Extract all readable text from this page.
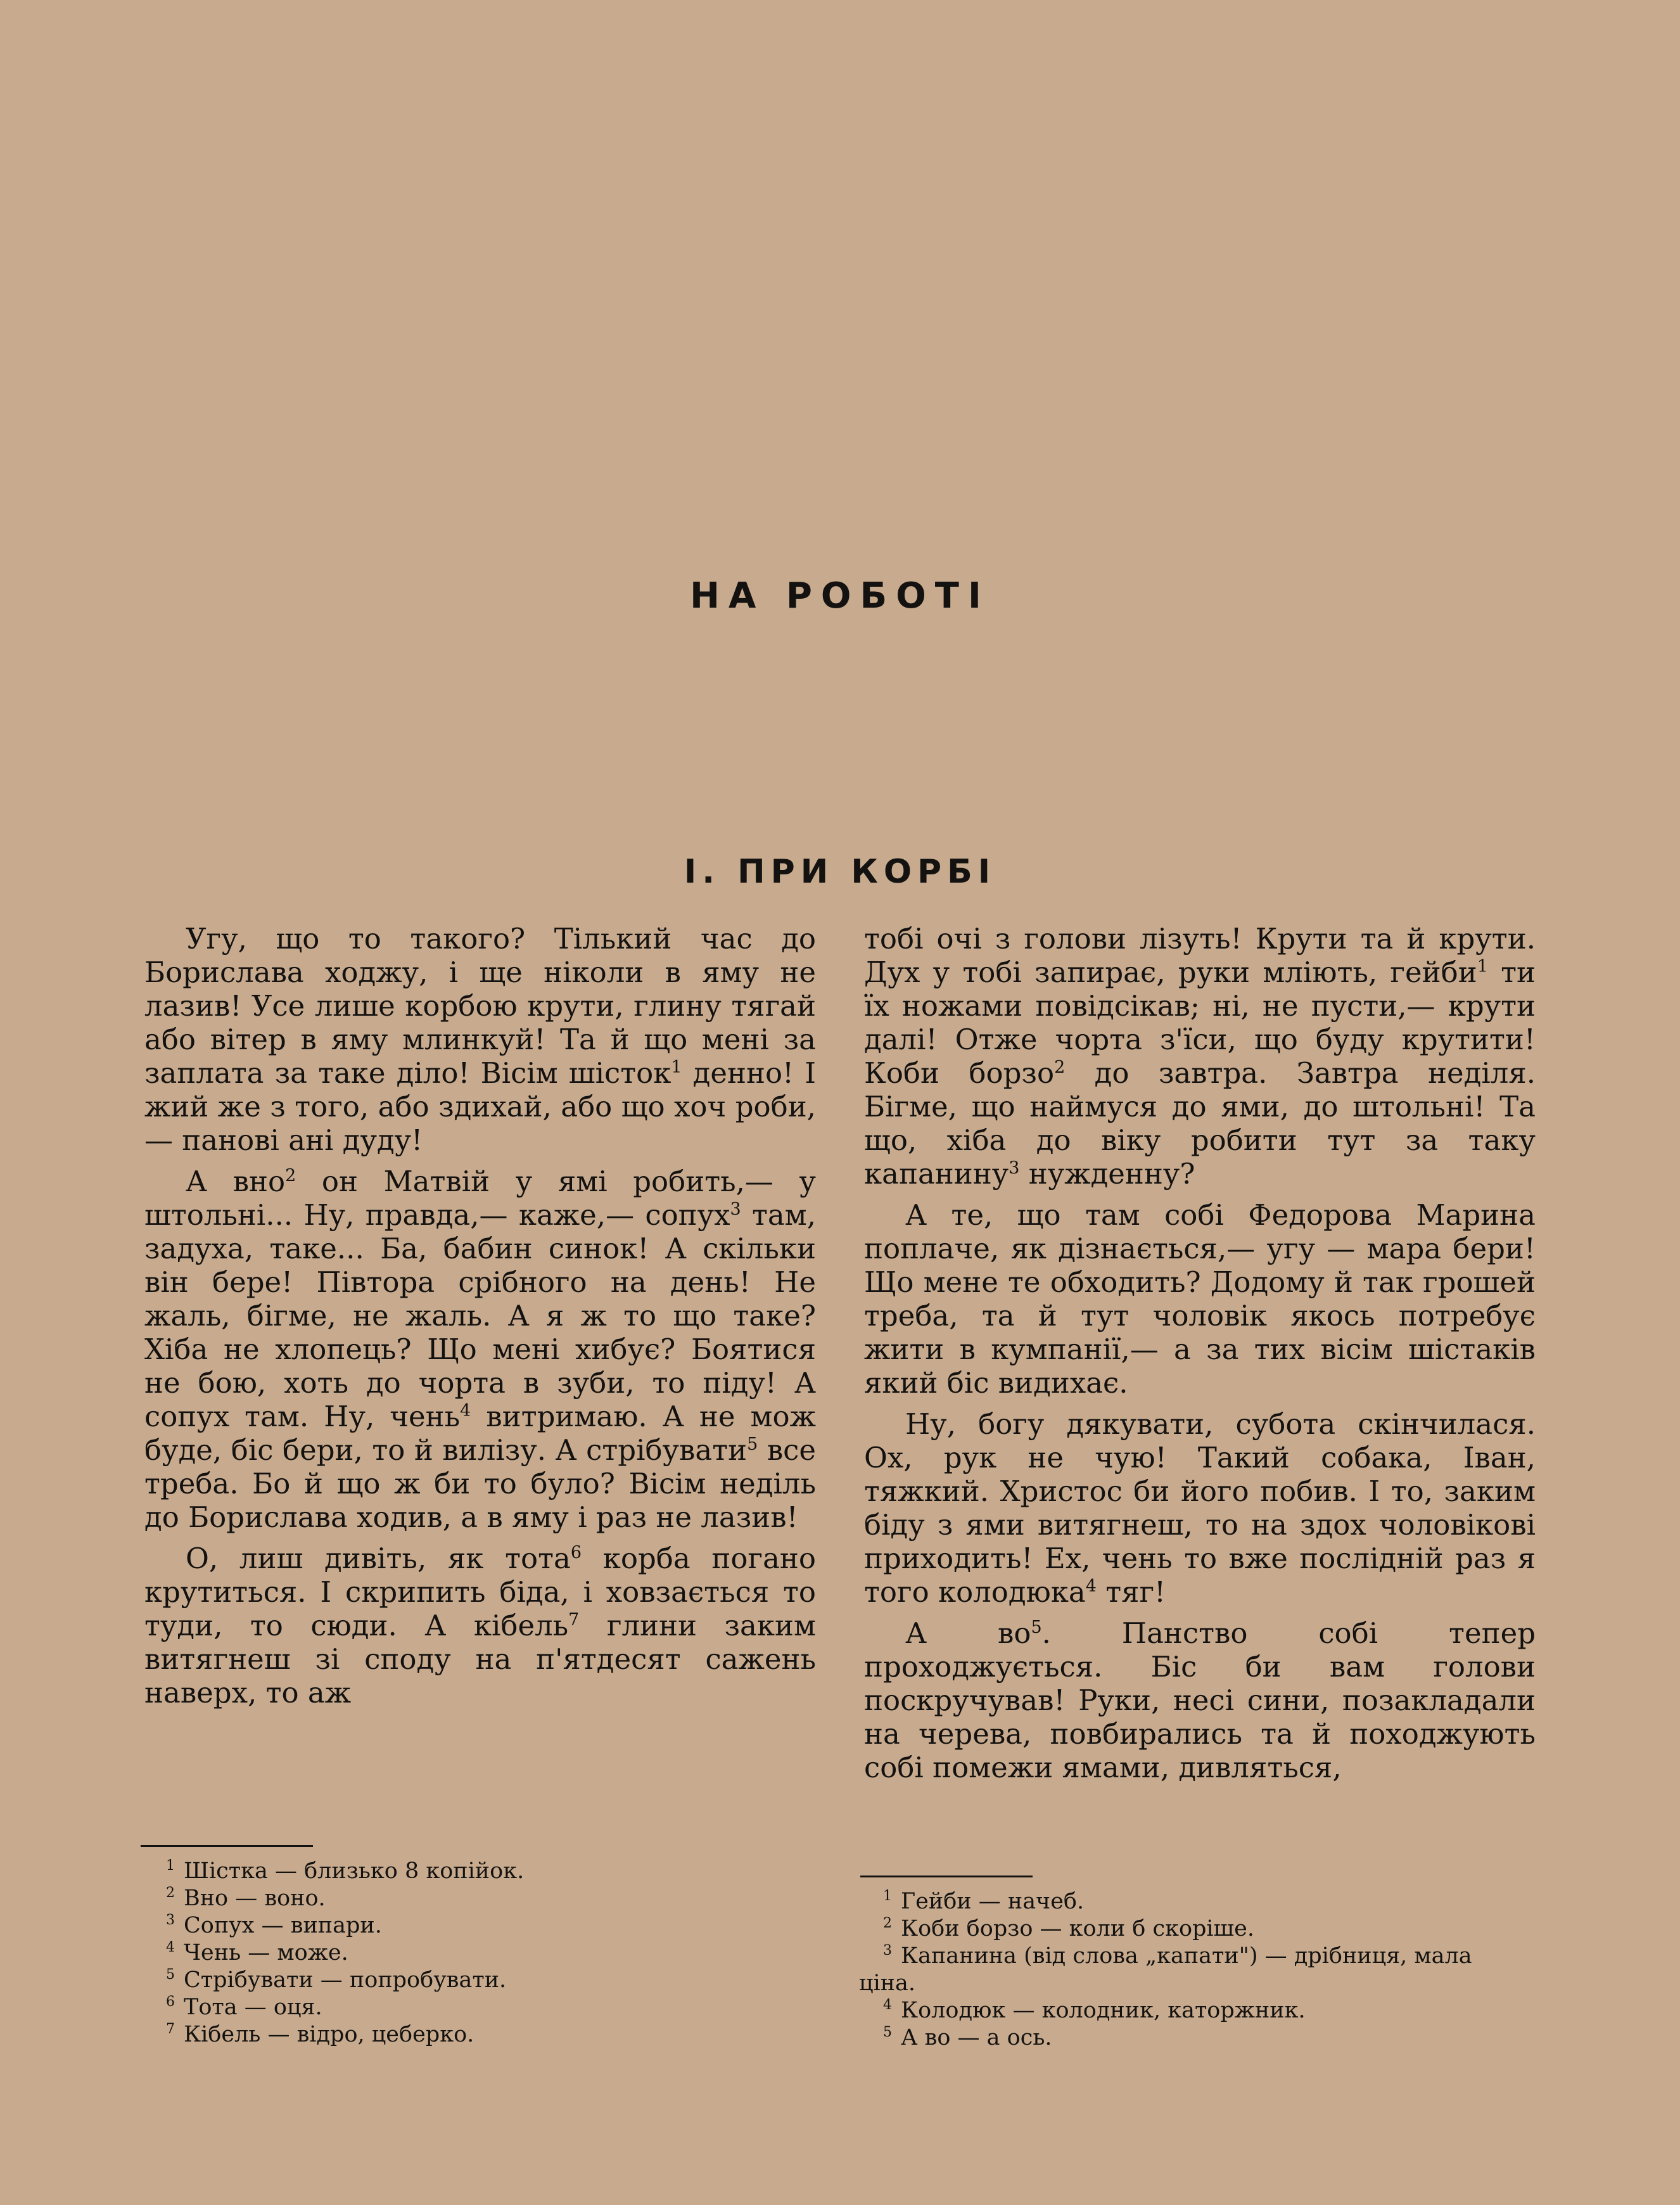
НА РОБОТІ
І. ПРИ КОРБІ

Угу, що то такого? Тілький час до Борислава ходжу, і ще ніколи в яму не лазив! Усе лише корбою крути, глину тягай або вітер в яму млинкуй! Та й що мені за заплата за таке діло! Вісім шісток$^1$ денно! І жий же з того, або здихай, або що хоч роби,— панові ані дуду!

А вно$^2$ он Матвій у ямі робить,— у штольні... Ну, правда,— каже,— сопух$^3$ там, задуха, таке... Ба, бабин синок! А скільки він бере! Півтора срібного на день! Не жаль, бігме, не жаль. А я ж то що таке? Хіба не хлопець? Що мені хибує? Боятися не бою, хоть до чорта в зуби, то піду! А сопух там. Ну, чень$^4$ витримаю. А не мож буде, біс бери, то й вилізу. А стрібувати$^5$ все треба. Бо й що ж би то було? Вісім неділь до Борислава ходив, а в яму і раз не лазив!

О, лиш дивіть, як тота$^6$ корба погано крутиться. І скрипить біда, і ховзається то туди, то сюди. А кібель$^7$ глини заким витягнеш зі споду на п'ятдесят сажень наверх, то аж

тобі очі з голови лізуть! Крути та й крути. Дух у тобі запирає, руки мліють, гейби$^1$ ти їх ножами повідсікав; ні, не пусти,— крути далі! Отже чорта з'їси, що буду крутити! Коби борзо$^2$ до завтра. Завтра неділя. Бігме, що наймуся до ями, до штольні! Та що, хіба до віку робити тут за таку капанину$^3$ нужденну?

А те, що там собі Федорова Марина поплаче, як дізнається,— угу — мара бери! Що мене те обходить? Додому й так грошей треба, та й тут чоловік якось потребує жити в кумпанії,— а за тих вісім шістаків який біс видихає.

Ну, богу дякувати, субота скінчилася. Ох, рук не чую! Такий собака, Іван, тяжкий. Христос би його побив. І то, заким біду з ями витягнеш, то на здох чоловікові приходить! Ех, чень то вже послідній раз я того колодюка$^4$ тяг!

А $во^5$. Панство собі тепер проходжується. Біс би вам голови поскручував! Руки, несі сини, позакладали на черева, повбирались та й походжують собі помежи ямами, дивляться,

$^1$ Шістка — близько 8 копійок.
$^2$ Вно — воно.
$^3$ Сопух — випари.
$^4$ Чень — може.
$^5$ Стрібувати — попробувати.
$^6$ Тота — оця.
$^7$ Кібель — відро, цеберко.
$^1$ Гейби — начеб.
$^2$ Коби борзо — коли б скоріше.
$^3$ Капанина (від слова „капати") — дрібниця, мала ціна.
$^4$ Колодюк — колодник, каторжник.
$^5$ А во — а ось.
